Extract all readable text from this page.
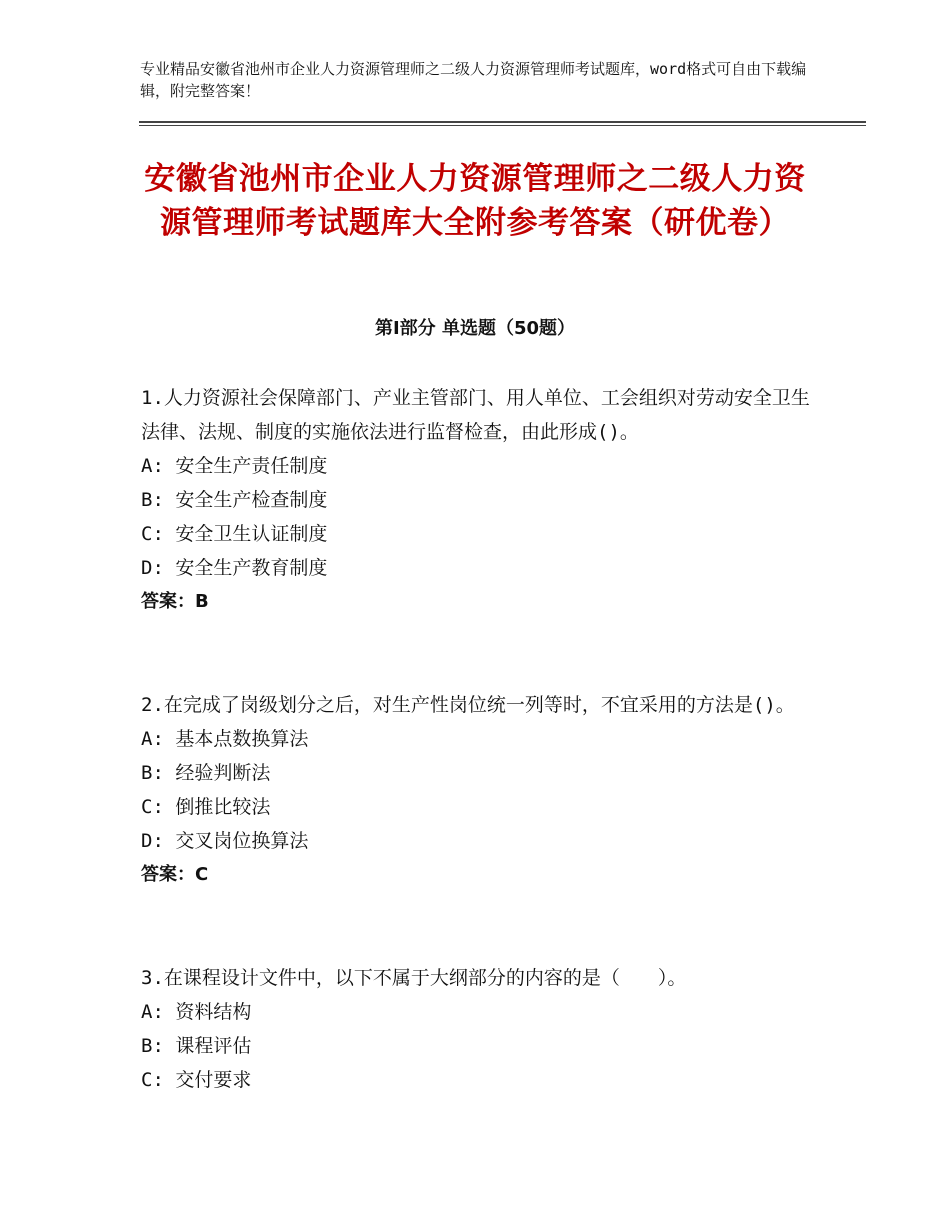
专业精品安徽省池州市企业人力资源管理师之二级人力资源管理师考试题库，word格式可自由下载编辑，附完整答案！
安徽省池州市企业人力资源管理师之二级人力资源管理师考试题库大全附参考答案（研优卷）
第Ⅰ部分 单选题（50题）
1.人力资源社会保障部门、产业主管部门、用人单位、工会组织对劳动安全卫生法律、法规、制度的实施依法进行监督检查，由此形成()。
A: 安全生产责任制度
B: 安全生产检查制度
C: 安全卫生认证制度
D: 安全生产教育制度
答案：B
2.在完成了岗级划分之后，对生产性岗位统一列等时，不宜采用的方法是()。
A: 基本点数换算法
B: 经验判断法
C: 倒推比较法
D: 交叉岗位换算法
答案：C
3.在课程设计文件中，以下不属于大纲部分的内容的是（　　）。
A: 资料结构
B: 课程评估
C: 交付要求
